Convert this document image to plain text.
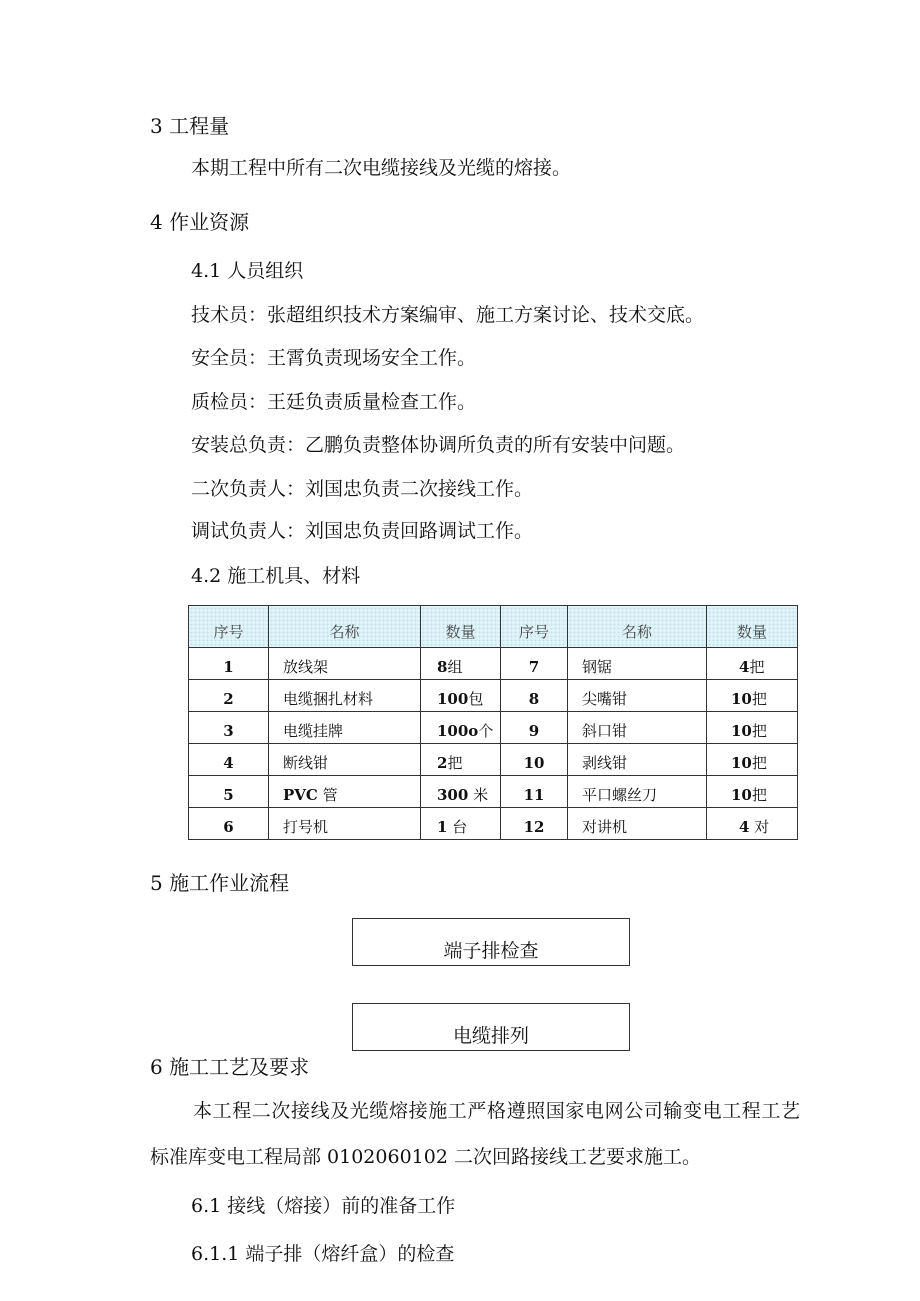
3 工程量
本期工程中所有二次电缆接线及光缆的熔接。
4 作业资源
4.1 人员组织
技术员：张超组织技术方案编审、施工方案讨论、技术交底。
安全员：王霄负责现场安全工作。
质检员：王廷负责质量检查工作。
安装总负责：乙鹏负责整体协调所负责的所有安装中问题。
二次负责人：刘国忠负责二次接线工作。
调试负责人：刘国忠负责回路调试工作。
4.2 施工机具、材料
序号	名称	数量	序号	名称	数量
1	放线架	8组	7	钢锯	4把
2	电缆捆扎材料	100包	8	尖嘴钳	10把
3	电缆挂牌	100o个	9	斜口钳	10把
4	断线钳	2把	10	剥线钳	10把
5	PVC 管	300 米	11	平口螺丝刀	10把
6	打号机	1 台	12	对讲机	4 对
5 施工作业流程
端子排检查
电缆排列
6 施工工艺及要求
本工程二次接线及光缆熔接施工严格遵照国家电网公司输变电工程工艺
标准库变电工程局部 0102060102 二次回路接线工艺要求施工。
6.1 接线（熔接）前的准备工作
6.1.1 端子排（熔纤盒）的检查
